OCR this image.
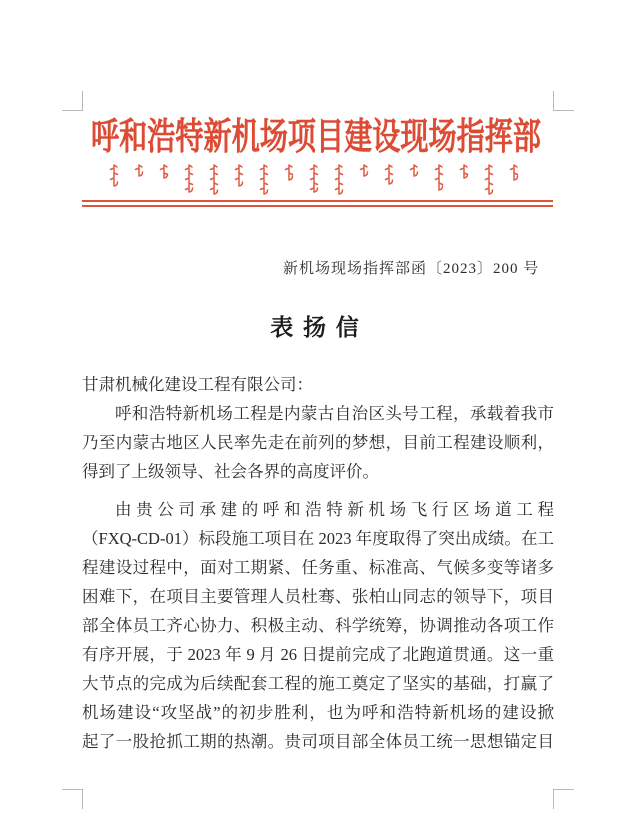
呼和浩特新机场项目建设现场指挥部
新机场现场指挥部函〔2023〕200 号
表 扬 信
甘肃机械化建设工程有限公司：
呼和浩特新机场工程是内蒙古自治区头号工程，承载着我市
乃至内蒙古地区人民率先走在前列的梦想，目前工程建设顺利，
得到了上级领导、社会各界的高度评价。
由贵公司承建的呼和浩特新机场飞行区场道工程
（FXQ-CD-01）标段施工项目在 2023 年度取得了突出成绩。在工
程建设过程中，面对工期紧、任务重、标准高、气候多变等诸多
困难下，在项目主要管理人员杜骞、张柏山同志的领导下，项目
部全体员工齐心协力、积极主动、科学统筹，协调推动各项工作
有序开展，于 2023 年 9 月 26 日提前完成了北跑道贯通。这一重
大节点的完成为后续配套工程的施工奠定了坚实的基础，打赢了
机场建设“攻坚战”的初步胜利，也为呼和浩特新机场的建设掀
起了一股抢抓工期的热潮。贵司项目部全体员工统一思想锚定目
